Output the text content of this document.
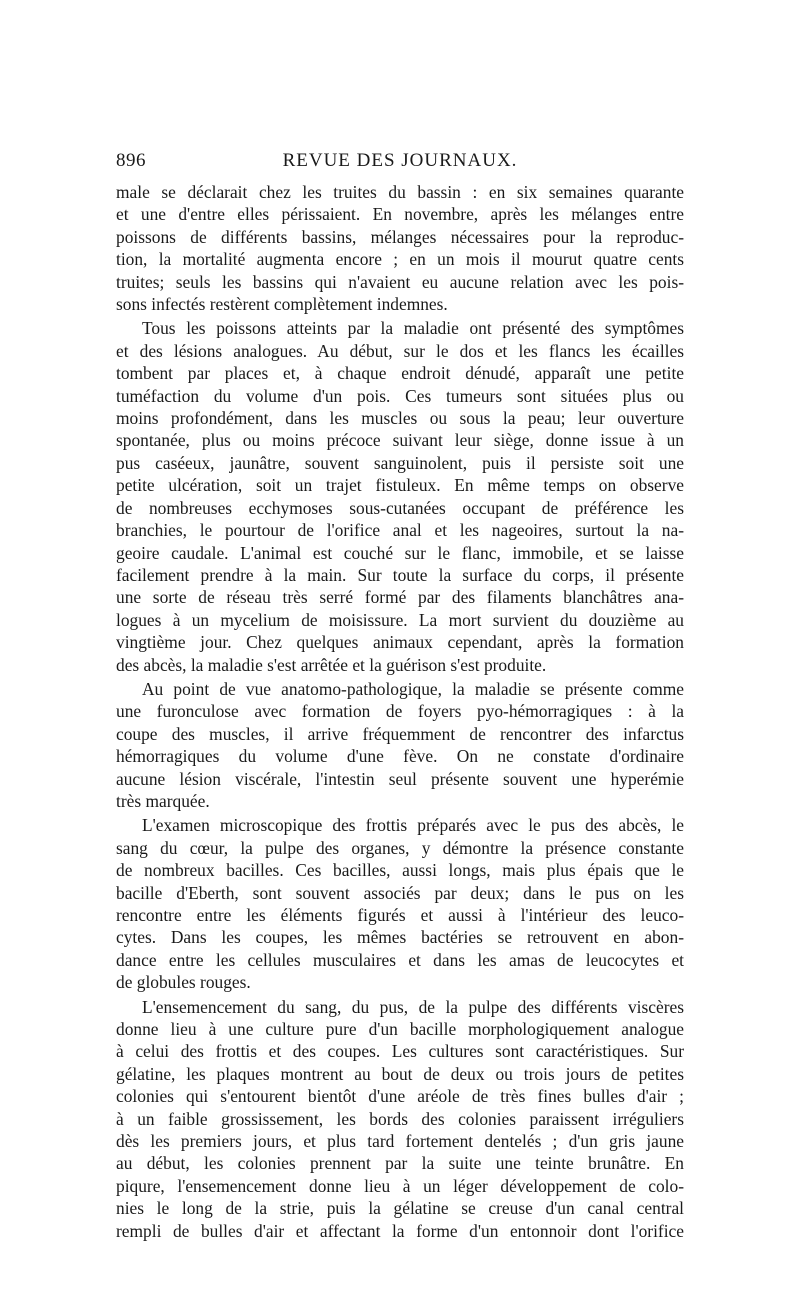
896	REVUE DES JOURNAUX.
male se déclarait chez les truites du bassin : en six semaines quarante
et une d'entre elles périssaient. En novembre, après les mélanges entre
poissons de différents bassins, mélanges nécessaires pour la reproduc-
tion, la mortalité augmenta encore ; en un mois il mourut quatre cents
truites; seuls les bassins qui n'avaient eu aucune relation avec les pois-
sons infectés restèrent complètement indemnes.
Tous les poissons atteints par la maladie ont présenté des symptômes
et des lésions analogues. Au début, sur le dos et les flancs les écailles
tombent par places et, à chaque endroit dénudé, apparaît une petite
tuméfaction du volume d'un pois. Ces tumeurs sont situées plus ou
moins profondément, dans les muscles ou sous la peau; leur ouverture
spontanée, plus ou moins précoce suivant leur siège, donne issue à un
pus caséeux, jaunâtre, souvent sanguinolent, puis il persiste soit une
petite ulcération, soit un trajet fistuleux. En même temps on observe
de nombreuses ecchymoses sous-cutanées occupant de préférence les
branchies, le pourtour de l'orifice anal et les nageoires, surtout la na-
geoire caudale. L'animal est couché sur le flanc, immobile, et se laisse
facilement prendre à la main. Sur toute la surface du corps, il présente
une sorte de réseau très serré formé par des filaments blanchâtres ana-
logues à un mycelium de moisissure. La mort survient du douzième au
vingtième jour. Chez quelques animaux cependant, après la formation
des abcès, la maladie s'est arrêtée et la guérison s'est produite.
Au point de vue anatomo-pathologique, la maladie se présente comme
une furonculose avec formation de foyers pyo-hémorragiques : à la
coupe des muscles, il arrive fréquemment de rencontrer des infarctus
hémorragiques du volume d'une fève. On ne constate d'ordinaire
aucune lésion viscérale, l'intestin seul présente souvent une hyperémie
très marquée.
L'examen microscopique des frottis préparés avec le pus des abcès, le
sang du cœur, la pulpe des organes, y démontre la présence constante
de nombreux bacilles. Ces bacilles, aussi longs, mais plus épais que le
bacille d'Eberth, sont souvent associés par deux; dans le pus on les
rencontre entre les éléments figurés et aussi à l'intérieur des leuco-
cytes. Dans les coupes, les mêmes bactéries se retrouvent en abon-
dance entre les cellules musculaires et dans les amas de leucocytes et
de globules rouges.
L'ensemencement du sang, du pus, de la pulpe des différents viscères
donne lieu à une culture pure d'un bacille morphologiquement analogue
à celui des frottis et des coupes. Les cultures sont caractéristiques. Sur
gélatine, les plaques montrent au bout de deux ou trois jours de petites
colonies qui s'entourent bientôt d'une aréole de très fines bulles d'air ;
à un faible grossissement, les bords des colonies paraissent irréguliers
dès les premiers jours, et plus tard fortement dentelés ; d'un gris jaune
au début, les colonies prennent par la suite une teinte brunâtre. En
piqure, l'ensemencement donne lieu à un léger développement de colo-
nies le long de la strie, puis la gélatine se creuse d'un canal central
rempli de bulles d'air et affectant la forme d'un entonnoir dont l'orifice
